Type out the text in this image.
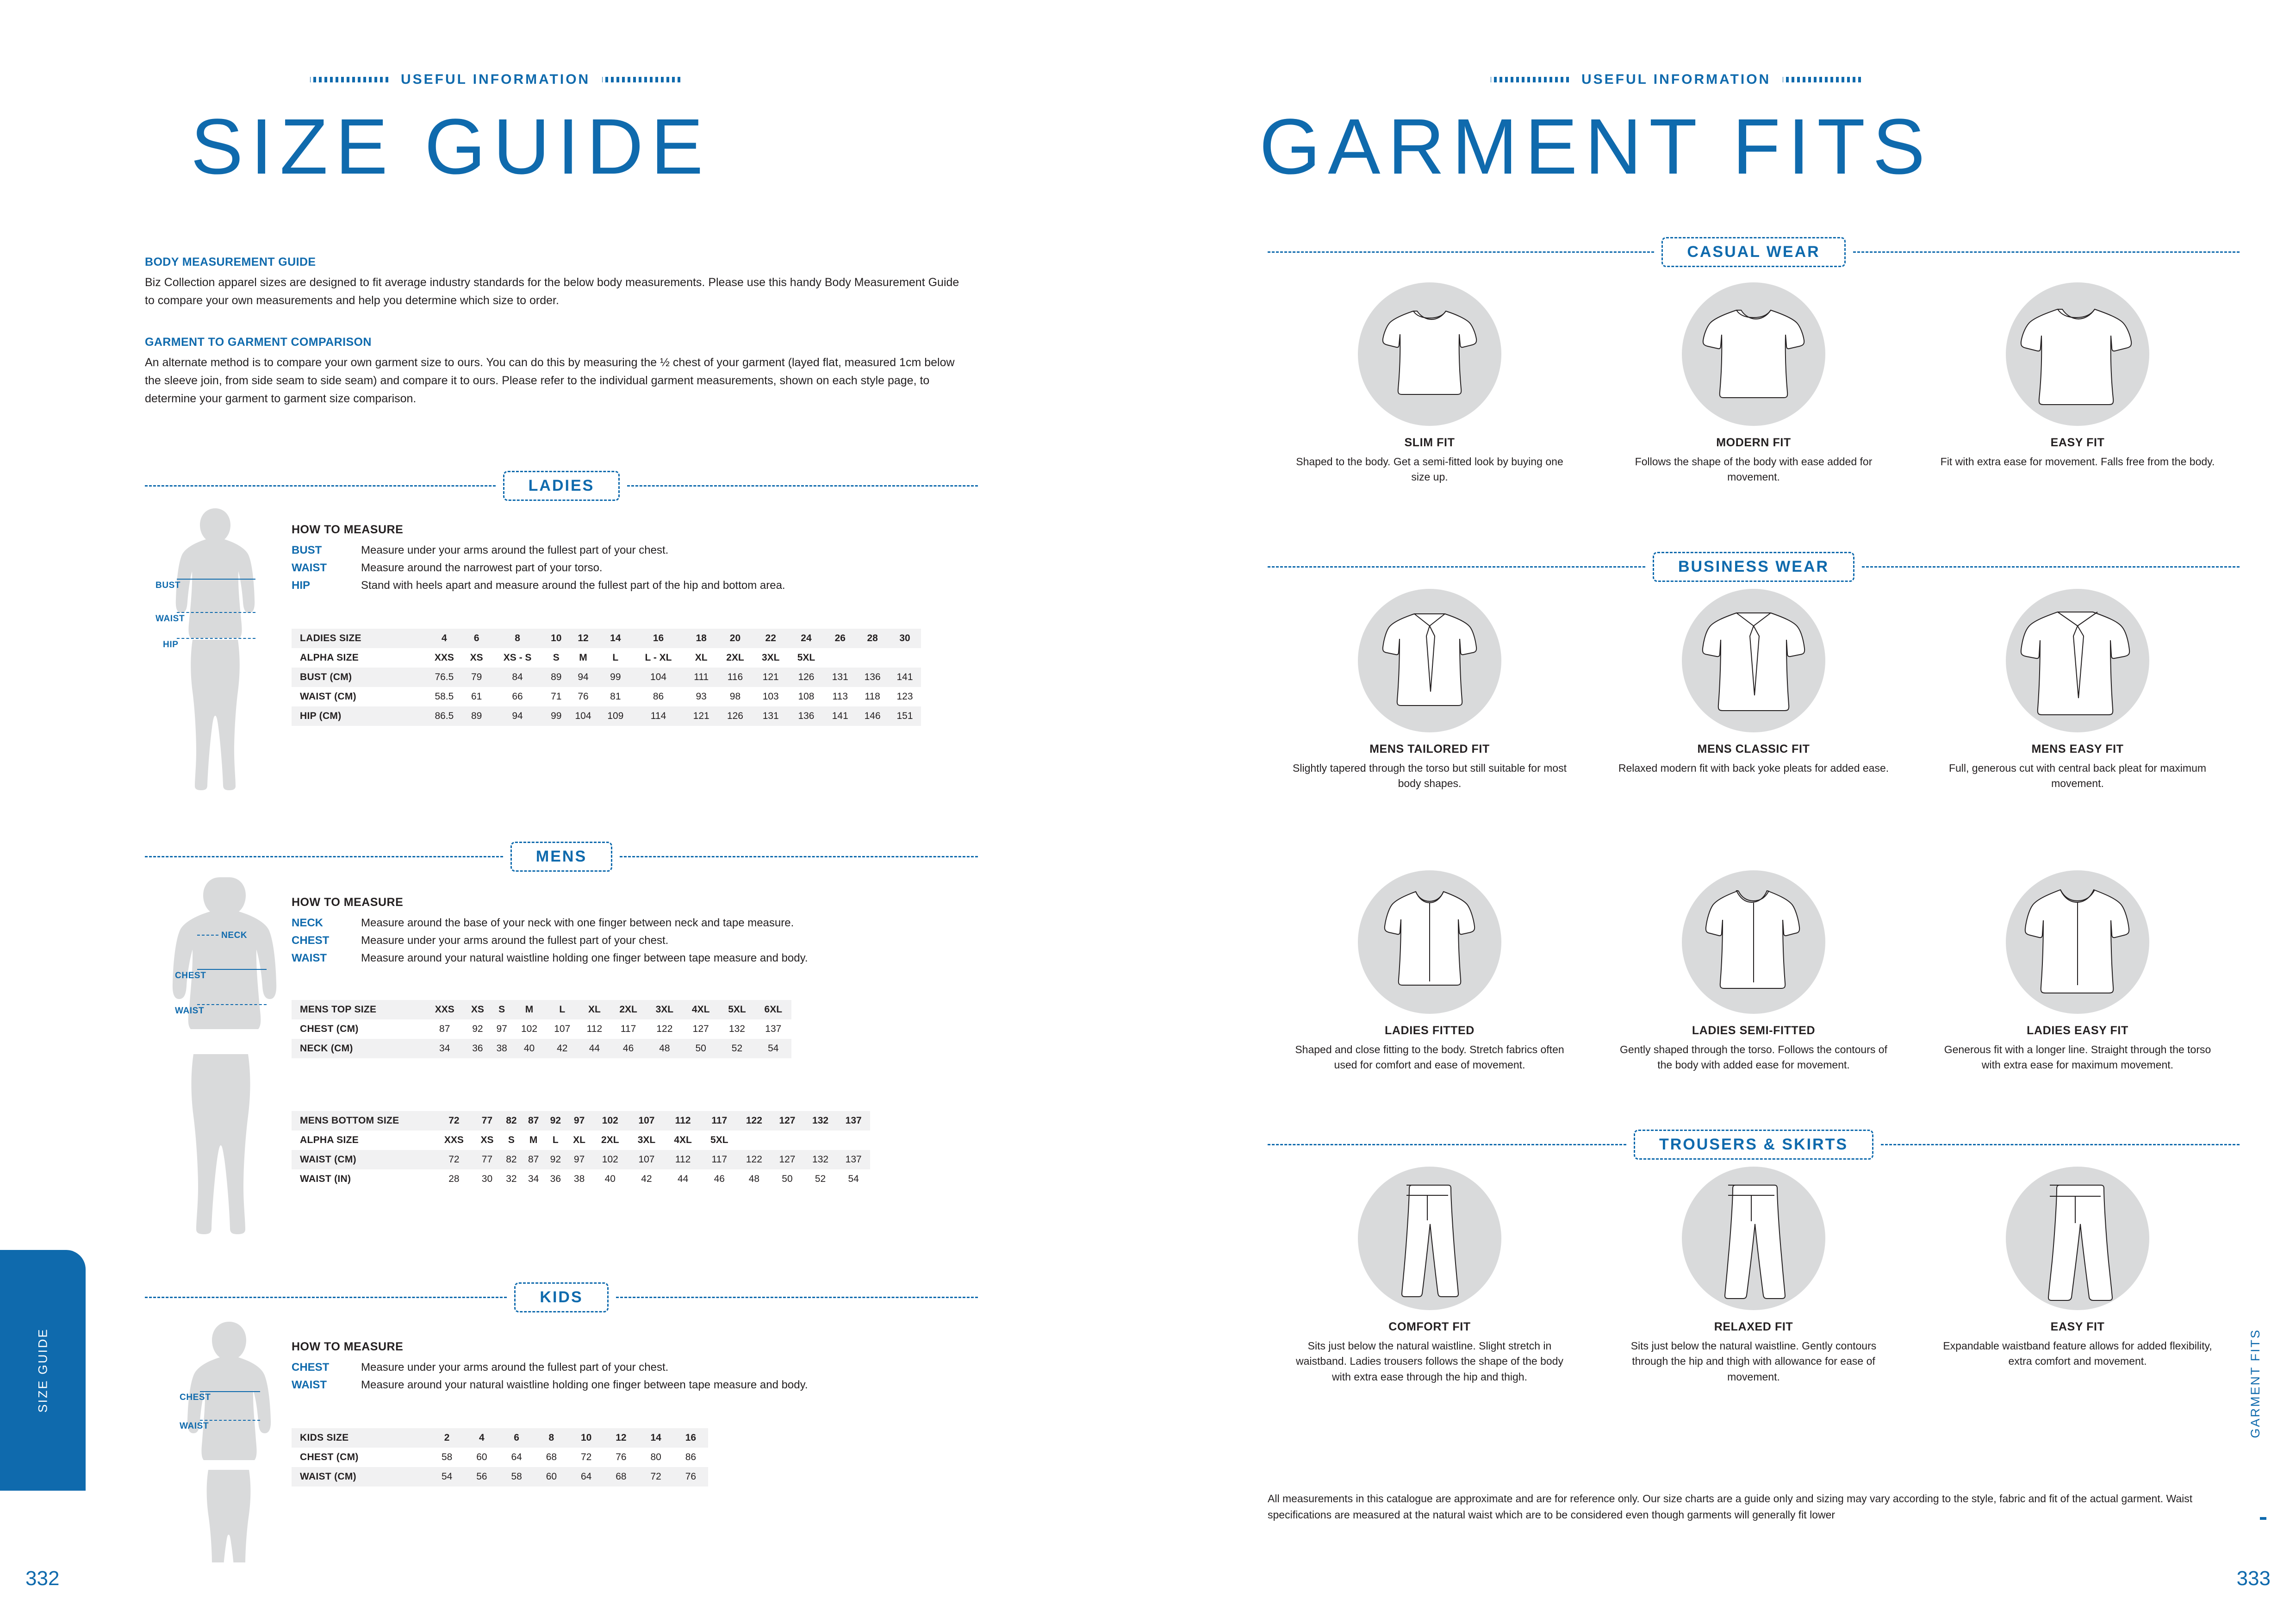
USEFUL INFORMATION
SIZE GUIDE
BODY MEASUREMENT GUIDE
Biz Collection apparel sizes are designed to fit average industry standards for the below body measurements. Please use this handy Body Measurement Guide to compare your own measurements and help you determine which size to order.
GARMENT TO GARMENT COMPARISON
An alternate method is to compare your own garment size to ours. You can do this by measuring the ½ chest of your garment (layed flat, measured 1cm below the sleeve join, from side seam to side seam) and compare it to ours. Please refer to the individual garment measurements, shown on each style page, to determine your garment to garment size comparison.
LADIES
BUST
WAIST
HIP
HOW TO MEASURE
BUST	Measure under your arms around the fullest part of your chest.
WAIST	Measure around the narrowest part of your torso.
HIP	Stand with heels apart and measure around the fullest part of the hip and bottom area.
LADIES SIZE	4	6	8	10	12	14	16	18	20	22	24	26	28	30
ALPHA SIZE	XXS	XS	XS - S	S	M	L	L - XL	XL	2XL	3XL	5XL			
BUST (CM)	76.5	79	84	89	94	99	104	111	116	121	126	131	136	141
WAIST (CM)	58.5	61	66	71	76	81	86	93	98	103	108	113	118	123
HIP (CM)	86.5	89	94	99	104	109	114	121	126	131	136	141	146	151
MENS
NECK
CHEST
WAIST
HOW TO MEASURE
NECK	Measure around the base of your neck with one finger between neck and tape measure.
CHEST	Measure under your arms around the fullest part of your chest.
WAIST	Measure around your natural waistline holding one finger between tape measure and body.
MENS TOP SIZE	XXS	XS	S	M	L	XL	2XL	3XL	4XL	5XL	6XL
CHEST (CM)	87	92	97	102	107	112	117	122	127	132	137
NECK (CM)	34	36	38	40	42	44	46	48	50	52	54
MENS BOTTOM SIZE	72	77	82	87	92	97	102	107	112	117	122	127	132	137
ALPHA SIZE	XXS	XS	S	M	L	XL	2XL	3XL	4XL	5XL				
WAIST (CM)	72	77	82	87	92	97	102	107	112	117	122	127	132	137
WAIST (IN)	28	30	32	34	36	38	40	42	44	46	48	50	52	54
KIDS
CHEST
WAIST
HOW TO MEASURE
CHEST	Measure under your arms around the fullest part of your chest.
WAIST	Measure around your natural waistline holding one finger between tape measure and body.
KIDS SIZE	2	4	6	8	10	12	14	16
CHEST (CM)	58	60	64	68	72	76	80	86
WAIST (CM)	54	56	58	60	64	68	72	76
SIZE GUIDE
332
USEFUL INFORMATION
GARMENT FITS
CASUAL WEAR
SLIM FIT
Shaped to the body. Get a semi-fitted look by buying one size up.
MODERN FIT
Follows the shape of the body with ease added for movement.
EASY FIT
Fit with extra ease for movement. Falls free from the body.
BUSINESS WEAR
MENS TAILORED FIT
Slightly tapered through the torso but still suitable for most body shapes.
MENS CLASSIC FIT
Relaxed modern fit with back yoke pleats for added ease.
MENS EASY FIT
Full, generous cut with central back pleat for maximum movement.
LADIES FITTED
Shaped and close fitting to the body. Stretch fabrics often used for comfort and ease of movement.
LADIES SEMI-FITTED
Gently shaped through the torso. Follows the contours of the body with added ease for movement.
LADIES EASY FIT
Generous fit with a longer line. Straight through the torso with extra ease for maximum movement.
TROUSERS & SKIRTS
COMFORT FIT
Sits just below the natural waistline. Slight stretch in waistband. Ladies trousers follows the shape of the body with extra ease through the hip and thigh.
RELAXED FIT
Sits just below the natural waistline. Gently contours through the hip and thigh with allowance for ease of movement.
EASY FIT
Expandable waistband feature allows for added flexibility, extra comfort and movement.
All measurements in this catalogue are approximate and are for reference only. Our size charts are a guide only and sizing may vary according to the style, fabric and fit of the actual garment. Waist specifications are measured at the natural waist which are to be considered even though garments will generally fit lower
GARMENT FITS
333
